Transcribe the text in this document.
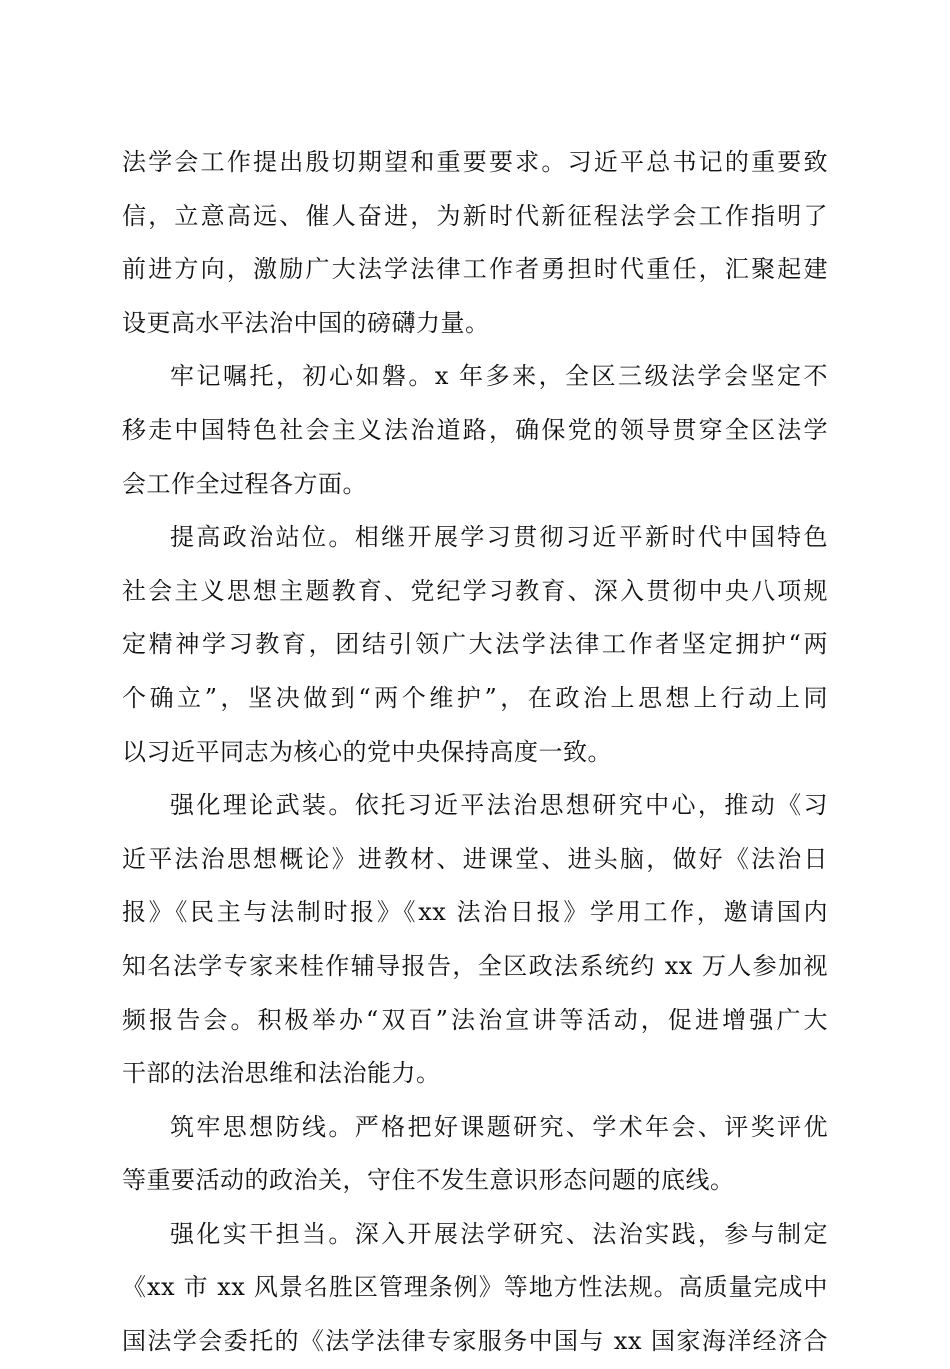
法学会工作提出殷切期望和重要要求。习近平总书记的重要致
信，立意高远、催人奋进，为新时代新征程法学会工作指明了
前进方向，激励广大法学法律工作者勇担时代重任，汇聚起建
设更高水平法治中国的磅礴力量。
牢记嘱托，初心如磐。x 年多来，全区三级法学会坚定不
移走中国特色社会主义法治道路，确保党的领导贯穿全区法学
会工作全过程各方面。
提高政治站位。相继开展学习贯彻习近平新时代中国特色
社会主义思想主题教育、党纪学习教育、深入贯彻中央八项规
定精神学习教育，团结引领广大法学法律工作者坚定拥护“两
个确立”，坚决做到“两个维护”，在政治上思想上行动上同
以习近平同志为核心的党中央保持高度一致。
强化理论武装。依托习近平法治思想研究中心，推动《习
近平法治思想概论》进教材、进课堂、进头脑，做好《法治日
报》《民主与法制时报》《xx 法治日报》学用工作，邀请国内
知名法学专家来桂作辅导报告，全区政法系统约 xx 万人参加视
频报告会。积极举办“双百”法治宣讲等活动，促进增强广大
干部的法治思维和法治能力。
筑牢思想防线。严格把好课题研究、学术年会、评奖评优
等重要活动的政治关，守住不发生意识形态问题的底线。
强化实干担当。深入开展法学研究、法治实践，参与制定
《xx 市 xx 风景名胜区管理条例》等地方性法规。高质量完成中
国法学会委托的《法学法律专家服务中国与 xx 国家海洋经济合
